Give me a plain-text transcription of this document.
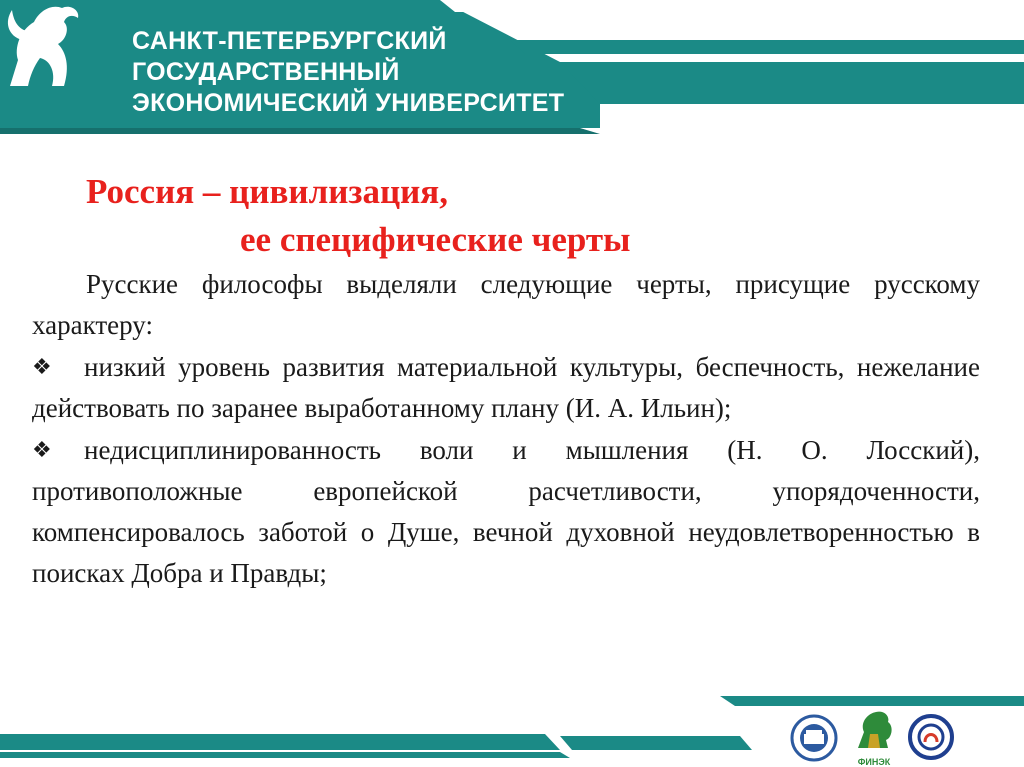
САНКТ-ПЕТЕРБУРГСКИЙ
ГОСУДАРСТВЕННЫЙ
ЭКОНОМИЧЕСКИЙ УНИВЕРСИТЕТ
Россия – цивилизация,
ее специфические черты

Русские философы выделяли следующие черты, присущие русскому характеру:

❖ низкий уровень развития материальной культуры, беспечность, нежелание действовать по заранее выработанному плану (И. А. Ильин);

❖ недисциплинированность воли и мышления (Н. О. Лосский), противоположные европейской расчетливости, упорядоченности, компенсировалось заботой о Душе, вечной духовной неудовлетворенностью в поисках Добра и Правды;

ФИНЭК
